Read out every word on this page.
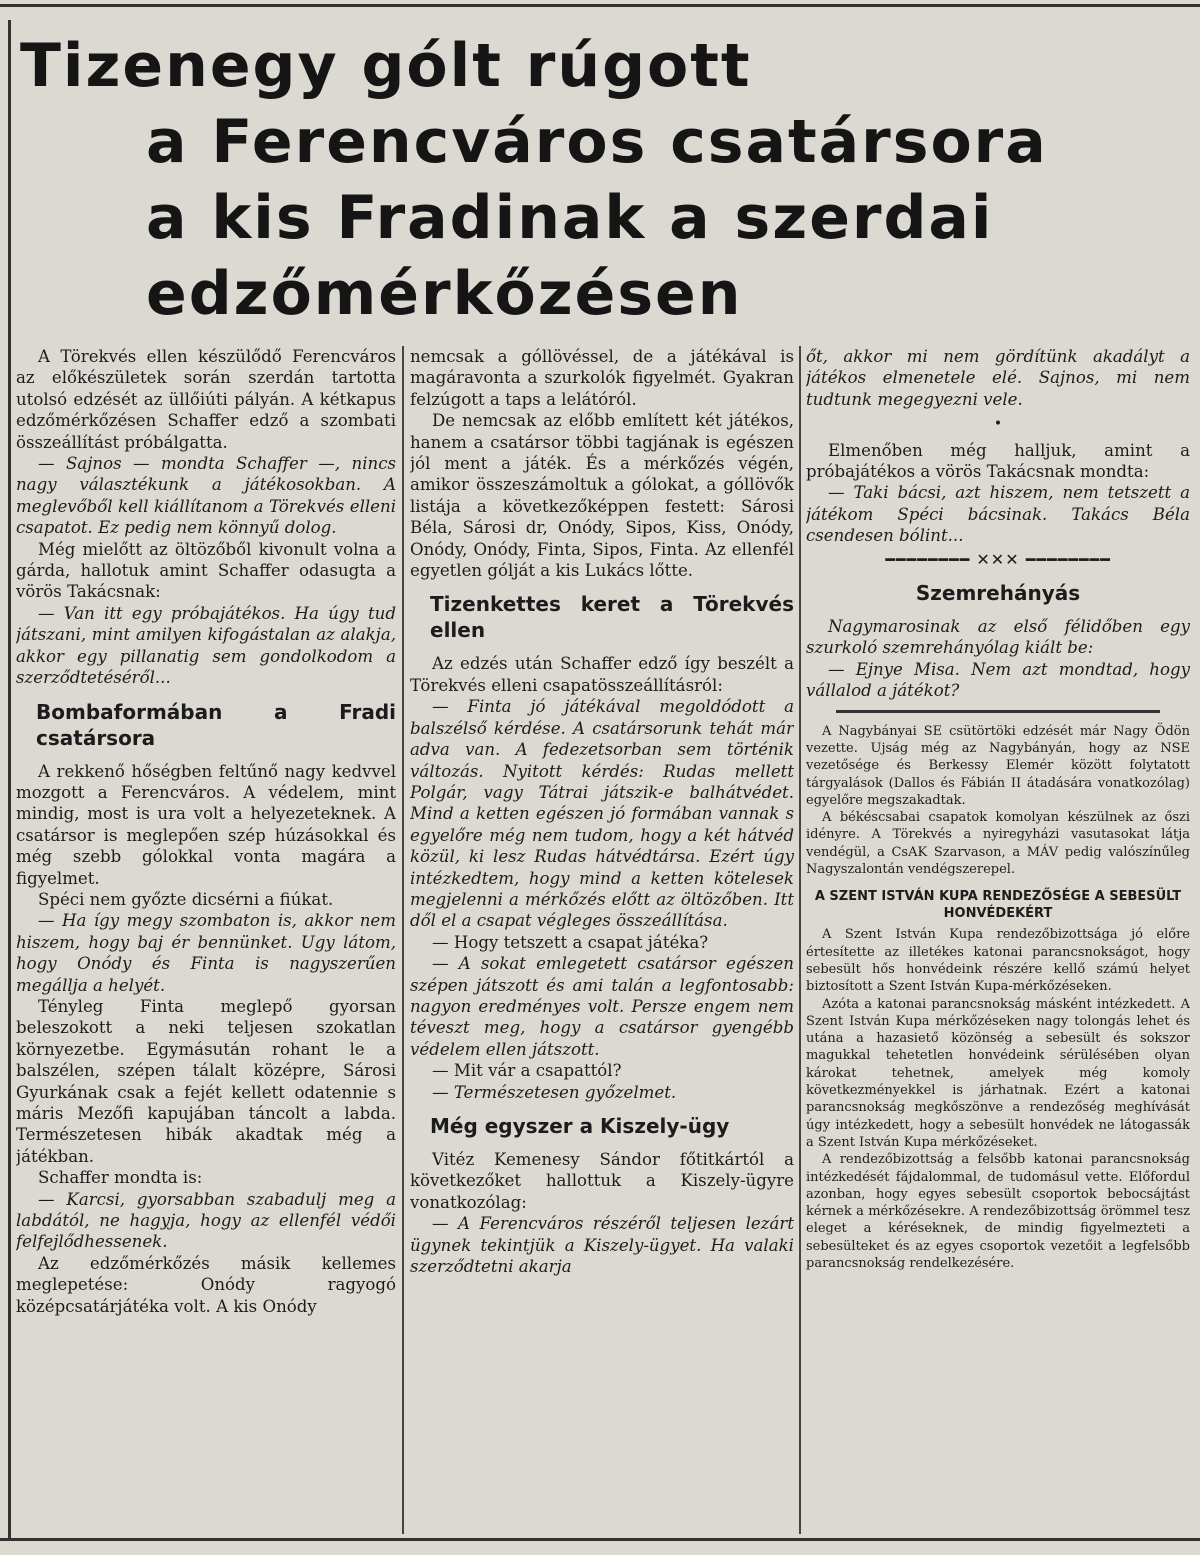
Tizenegy gólt rúgott
a Ferencváros csatársora
a kis Fradinak a szerdai
edzőmérkőzésen

A Törekvés ellen készülődő Ferencváros az előkészületek során szerdán tartotta utolsó edzését az üllőiúti pályán. A kétkapus edzőmérkőzésen Schaffer edző a szombati összeállítást próbálgatta.

— Sajnos — mondta Schaffer —, nincs nagy választékunk a játékosokban. A meglevőből kell kiállítanom a Törekvés elleni csapatot. Ez pedig nem könnyű dolog.

Még mielőtt az öltözőből kivonult volna a gárda, hallotuk amint Schaffer odasugta a vörös Takácsnak:

— Van itt egy próbajátékos. Ha úgy tud játszani, mint amilyen kifogástalan az alakja, akkor egy pillanatig sem gondolkodom a szerződtetéséről...

Bombaformában a Fradi csatársora

A rekkenő hőségben feltűnő nagy kedvvel mozgott a Ferencváros. A védelem, mint mindig, most is ura volt a helyezeteknek. A csatársor is meglepően szép húzásokkal és még szebb gólokkal vonta magára a figyelmet.

Spéci nem győzte dicsérni a fiúkat.

— Ha így megy szombaton is, akkor nem hiszem, hogy baj ér bennünket. Ugy látom, hogy Onódy és Finta is nagyszerűen megállja a helyét.

Tényleg Finta meglepő gyorsan beleszokott a neki teljesen szokatlan környezetbe. Egymásután rohant le a balszélen, szépen tálalt középre, Sárosi Gyurkának csak a fejét kellett odatennie s máris Mezőfi kapujában táncolt a labda. Természetesen hibák akadtak még a játékban.

Schaffer mondta is:

— Karcsi, gyorsabban szabadulj meg a labdától, ne hagyja, hogy az ellenfél védői felfejlődhessenek.

Az edzőmérkőzés másik kellemes meglepetése: Onódy ragyogó középcsatárjátéka volt. A kis Onódy

nemcsak a góllövéssel, de a játékával is magáravonta a szurkolók figyelmét. Gyakran felzúgott a taps a lelátóról.

De nemcsak az előbb említett két játékos, hanem a csatársor többi tagjának is egészen jól ment a játék. És a mérkőzés végén, amikor összeszámoltuk a gólokat, a góllövők listája a következőképpen festett: Sárosi Béla, Sárosi dr, Onódy, Sipos, Kiss, Onódy, Onódy, Onódy, Finta, Sipos, Finta. Az ellenfél egyetlen gólját a kis Lukács lőtte.

Tizenkettes keret a Törekvés ellen

Az edzés után Schaffer edző így beszélt a Törekvés elleni csapatösszeállításról:

— Finta jó játékával megoldódott a balszélső kérdése. A csatársorunk tehát már adva van. A fedezetsorban sem történik változás. Nyitott kérdés: Rudas mellett Polgár, vagy Tátrai játszik-e balhátvédet. Mind a ketten egészen jó formában vannak s egyelőre még nem tudom, hogy a két hátvéd közül, ki lesz Rudas hátvédtársa. Ezért úgy intézkedtem, hogy mind a ketten kötelesek megjelenni a mérkőzés előtt az öltözőben. Itt dől el a csapat végleges összeállítása.

— Hogy tetszett a csapat játéka?

— A sokat emlegetett csatársor egészen szépen játszott és ami talán a legfontosabb: nagyon eredményes volt. Persze engem nem téveszt meg, hogy a csatársor gyengébb védelem ellen játszott.

— Mit vár a csapattól?

— Természetesen győzelmet.

Még egyszer a Kiszely-ügy

Vitéz Kemenesy Sándor főtitkártól a következőket hallottuk a Kiszely-ügyre vonatkozólag:

— A Ferencváros részéről teljesen lezárt ügynek tekintjük a Kiszely-ügyet. Ha valaki szerződtetni akarja

őt, akkor mi nem gördítünk akadályt a játékos elmenetele elé. Sajnos, mi nem tudtunk megegyezni vele.

•

Elmenőben még halljuk, amint a próbajátékos a vörös Takácsnak mondta:

— Taki bácsi, azt hiszem, nem tetszett a játékom Spéci bácsinak. Takács Béla csendesen bólint...

━━━━━━━━ ✕✕✕ ━━━━━━━━
Szemrehányás

Nagymarosinak az első félidőben egy szurkoló szemrehányólag kiált be:

— Ejnye Misa. Nem azt mondtad, hogy vállalod a játékot?

A Nagybányai SE csütörtöki edzését már Nagy Ödön vezette. Ujság még az Nagybányán, hogy az NSE vezetősége és Berkessy Elemér között folytatott tárgyalások (Dallos és Fábián II átadására vonatkozólag) egyelőre megszakadtak.

A békéscsabai csapatok komolyan készülnek az őszi idényre. A Törekvés a nyiregyházi vasutasokat látja vendégül, a CsAK Szarvason, a MÁV pedig valószínűleg Nagyszalontán vendégszerepel.

A SZENT ISTVÁN KUPA RENDEZŐSÉGE A SEBESÜLT HONVÉDEKÉRT

A Szent István Kupa rendezőbizottsága jó előre értesítette az illetékes katonai parancsnokságot, hogy sebesült hős honvédeink részére kellő számú helyet biztosított a Szent István Kupa-mérkőzéseken.

Azóta a katonai parancsnokság másként intézkedett. A Szent István Kupa mérkőzéseken nagy tolongás lehet és utána a hazasiető közönség a sebesült és sokszor magukkal tehetetlen honvédeink sérülésében olyan károkat tehetnek, amelyek még komoly következményekkel is járhatnak. Ezért a katonai parancsnokság megkőszönve a rendezőség meghívását úgy intézkedett, hogy a sebesült honvédek ne látogassák a Szent István Kupa mérkőzéseket.

A rendezőbizottság a felsőbb katonai parancsnokság intézkedését fájdalommal, de tudomásul vette. Előfordul azonban, hogy egyes sebesült csoportok bebocsájtást kérnek a mérkőzésekre. A rendezőbizottság örömmel tesz eleget a kéréseknek, de mindig figyelmezteti a sebesülteket és az egyes csoportok vezetőit a legfelsőbb parancsnokság rendelkezésére.
